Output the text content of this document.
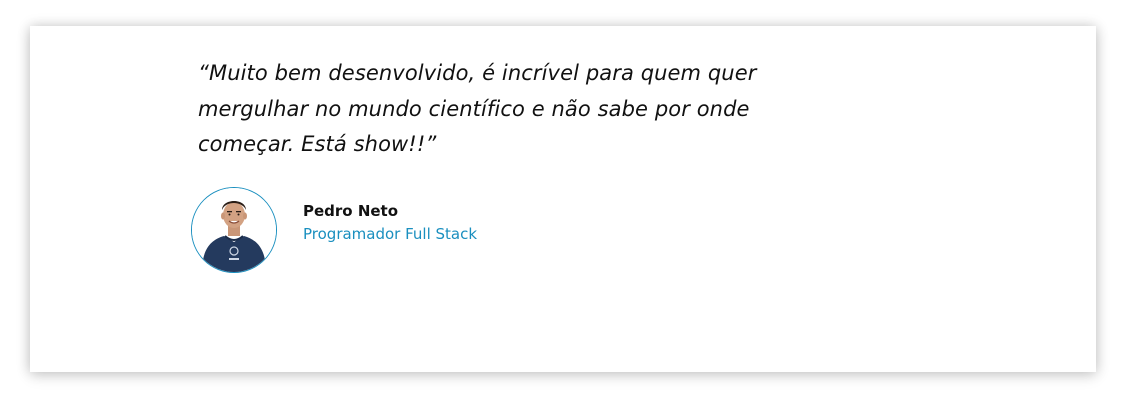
“Muito bem desenvolvido, é incrível para quem quer
mergulhar no mundo científico e não sabe por onde
começar. Está show!!”

Pedro Neto
Programador Full Stack
